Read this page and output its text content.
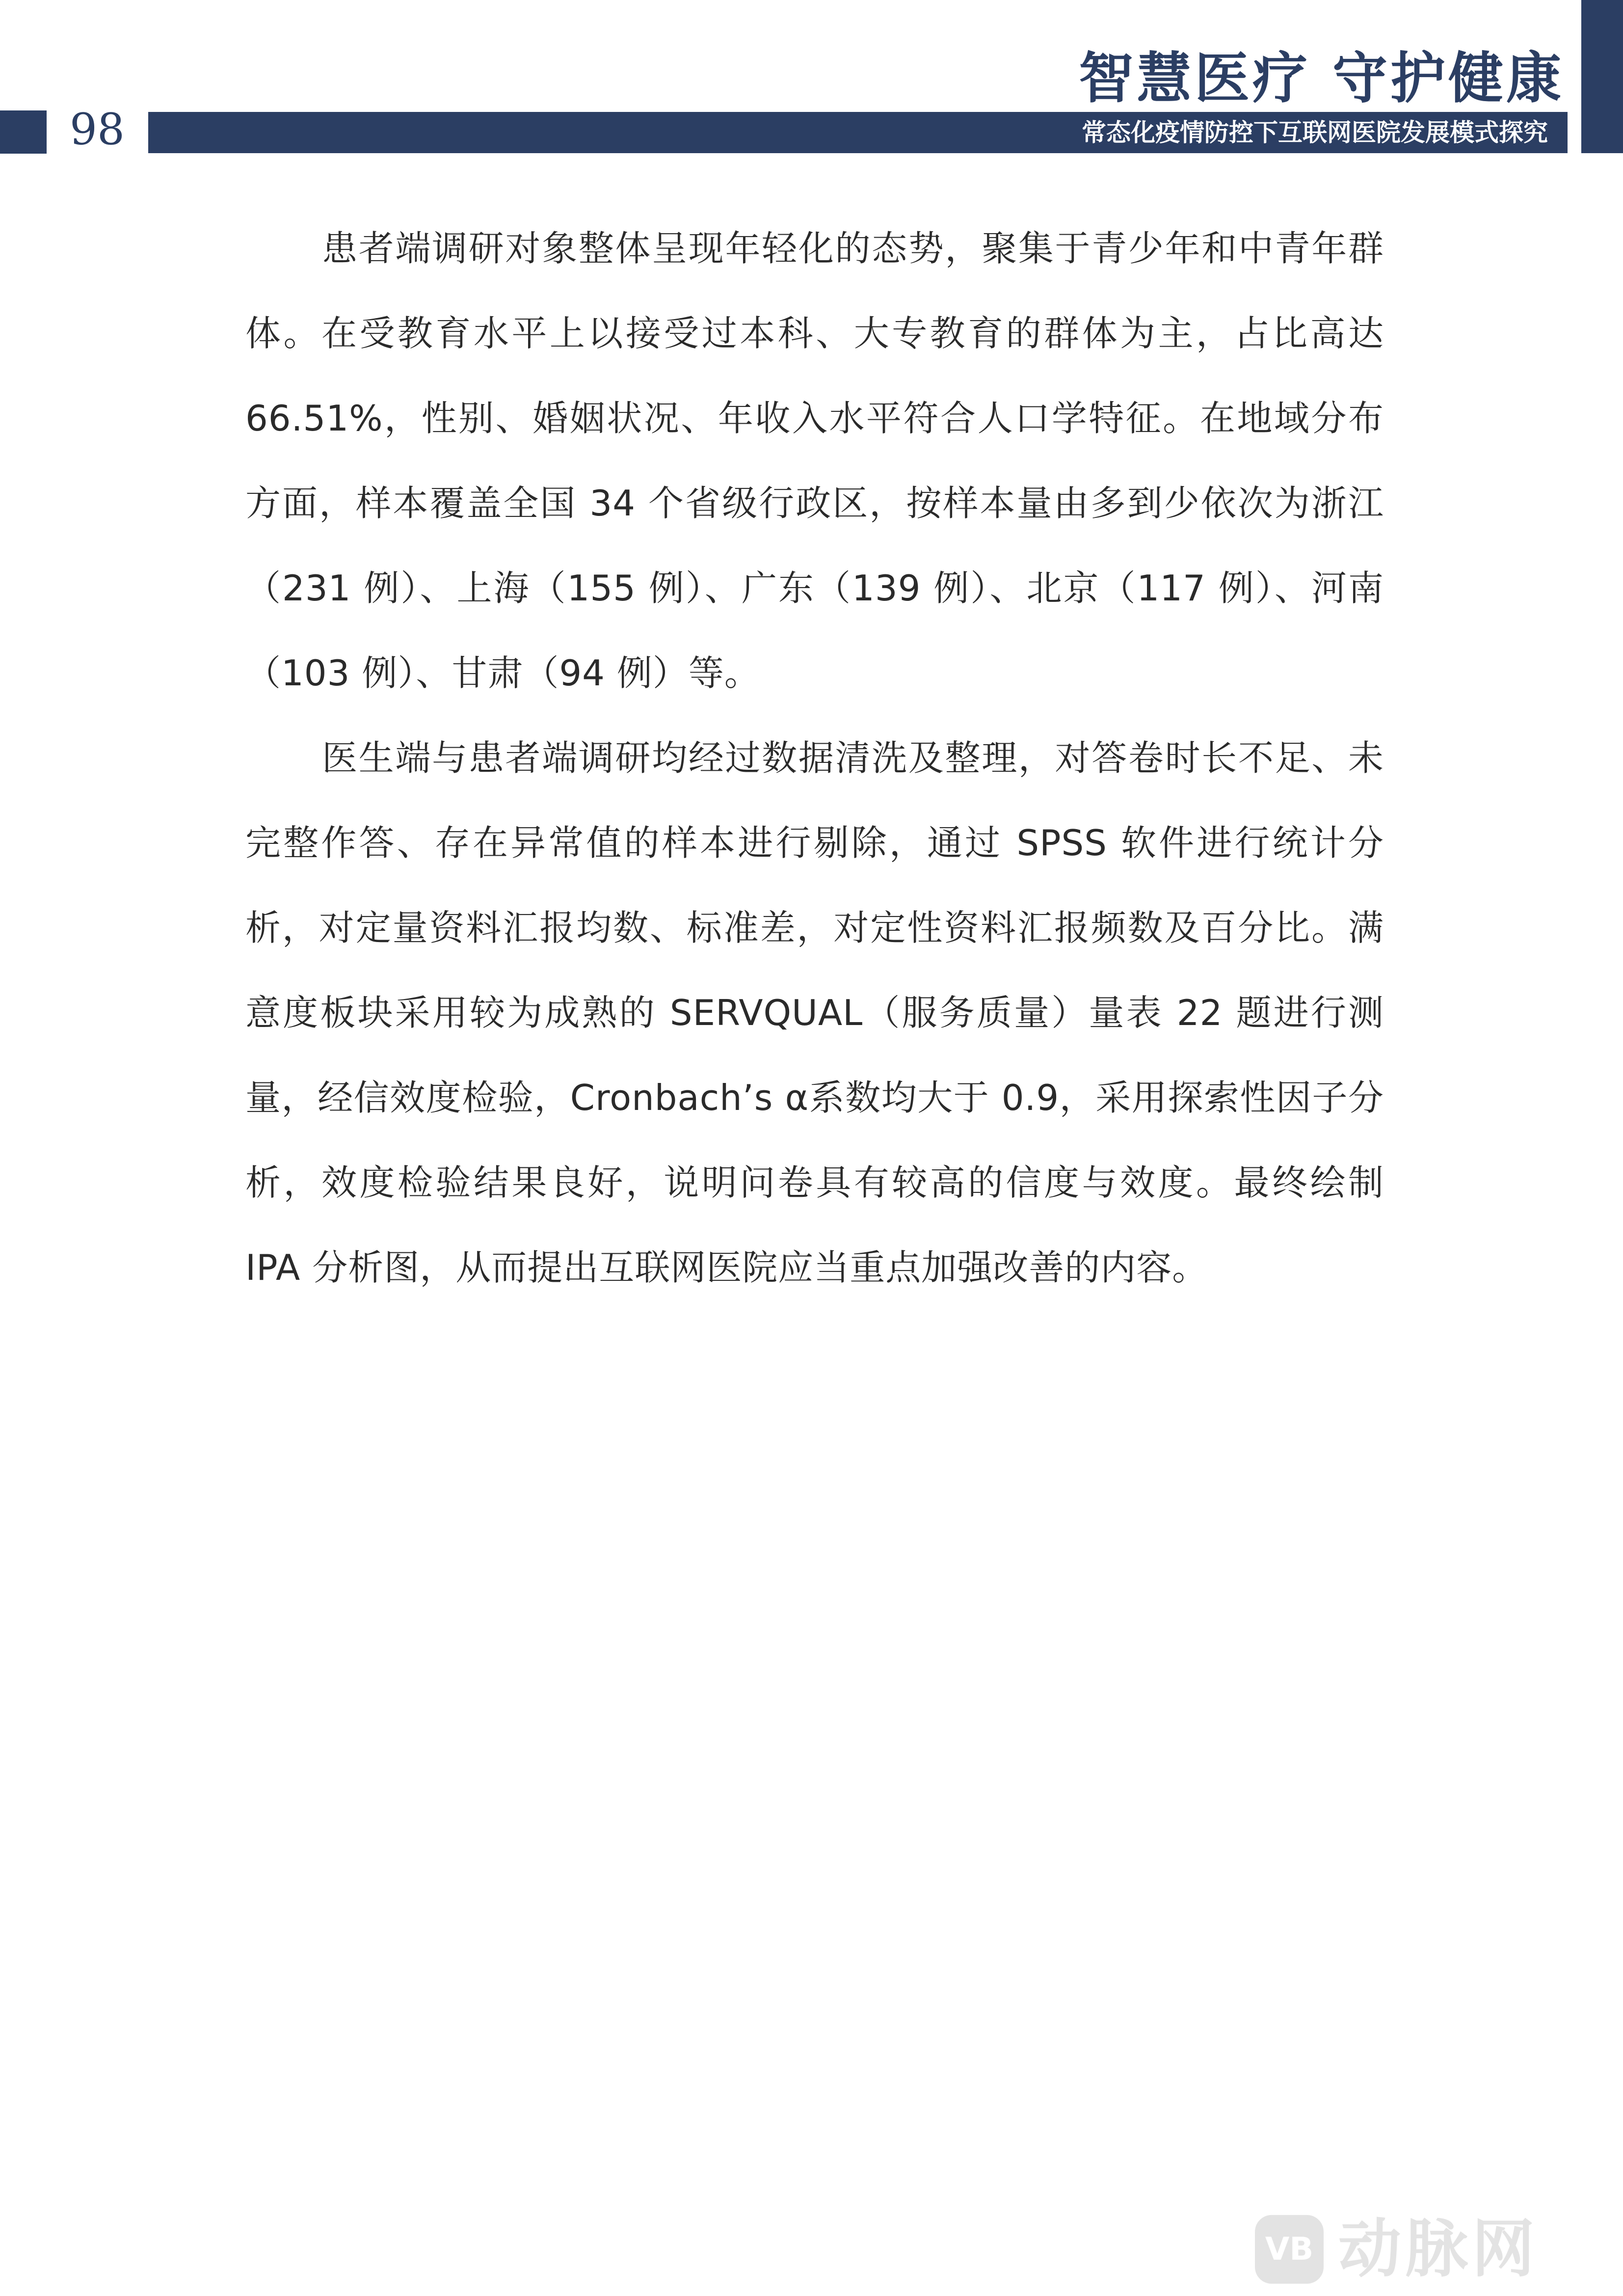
智慧医疗 守护健康
98	常态化疫情防控下互联网医院发展模式探究

患者端调研对象整体呈现年轻化的态势，聚集于青少年和中青年群体。在受教育水平上以接受过本科、大专教育的群体为主，占比高达 66.51%，性别、婚姻状况、年收入水平符合人口学特征。在地域分布方面，样本覆盖全国 34 个省级行政区，按样本量由多到少依次为浙江（231 例）、上海（155 例）、广东（139 例）、北京（117 例）、河南（103 例）、甘肃（94 例）等。

医生端与患者端调研均经过数据清洗及整理，对答卷时长不足、未完整作答、存在异常值的样本进行剔除，通过 SPSS 软件进行统计分析，对定量资料汇报均数、标准差，对定性资料汇报频数及百分比。满意度板块采用较为成熟的 SERVQUAL（服务质量）量表 22 题进行测量，经信效度检验，Cronbach’s α系数均大于 0.9，采用探索性因子分析，效度检验结果良好，说明问卷具有较高的信度与效度。最终绘制 IPA 分析图，从而提出互联网医院应当重点加强改善的内容。

VB 动脉网
